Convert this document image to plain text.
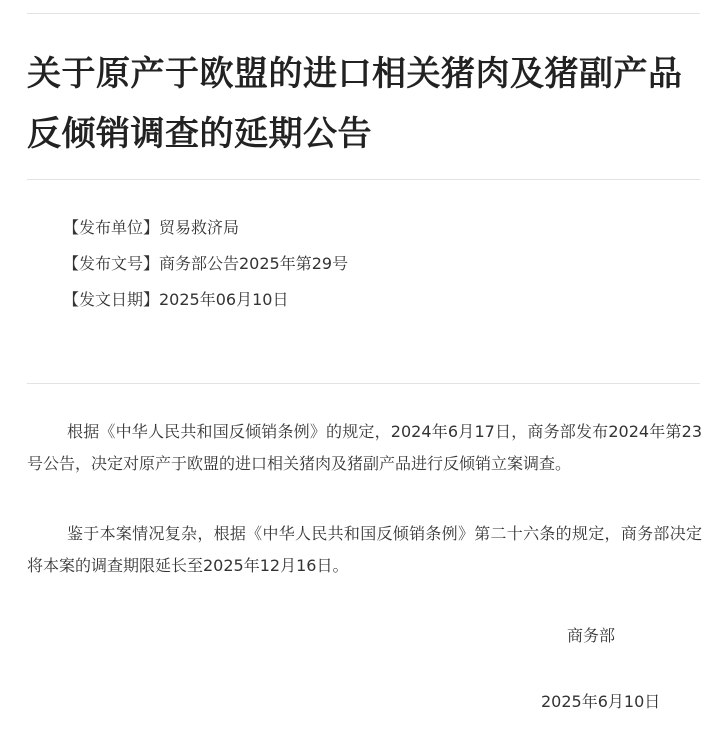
关于原产于欧盟的进口相关猪肉及猪副产品反倾销调查的延期公告
【发布单位】贸易救济局
【发布文号】商务部公告2025年第29号
【发文日期】2025年06月10日

根据《中华人民共和国反倾销条例》的规定，2024年6月17日，商务部发布2024年第23号公告，决定对原产于欧盟的进口相关猪肉及猪副产品进行反倾销立案调查。

鉴于本案情况复杂，根据《中华人民共和国反倾销条例》第二十六条的规定，商务部决定将本案的调查期限延长至2025年12月16日。

商务部
2025年6月10日
